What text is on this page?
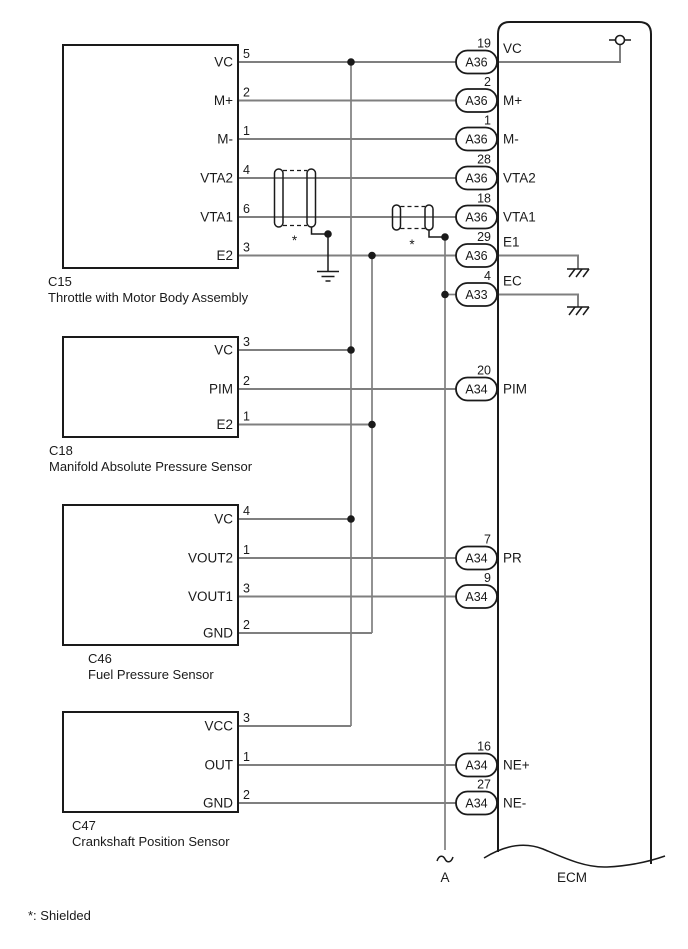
A36
A36
A36
A36
A36
A36
A33
A34
A34
A34
A34
A34
19
2
1
28
18
29
4
20
7
9
16
27
VC
M+
M-
VTA2
VTA1
E1
EC
PIM
PR
NE+
NE-
VC
M+
M-
VTA2
VTA1
E2
5
2
1
4
6
3
C15
Throttle with Motor Body Assembly
VC
PIM
E2
3
2
1
C18
Manifold Absolute Pressure Sensor
VC
VOUT2
VOUT1
GND
4
1
3
2
C46
Fuel Pressure Sensor
VCC
OUT
GND
3
1
2
C47
Crankshaft Position Sensor
*	*
A	ECM
*: Shielded
